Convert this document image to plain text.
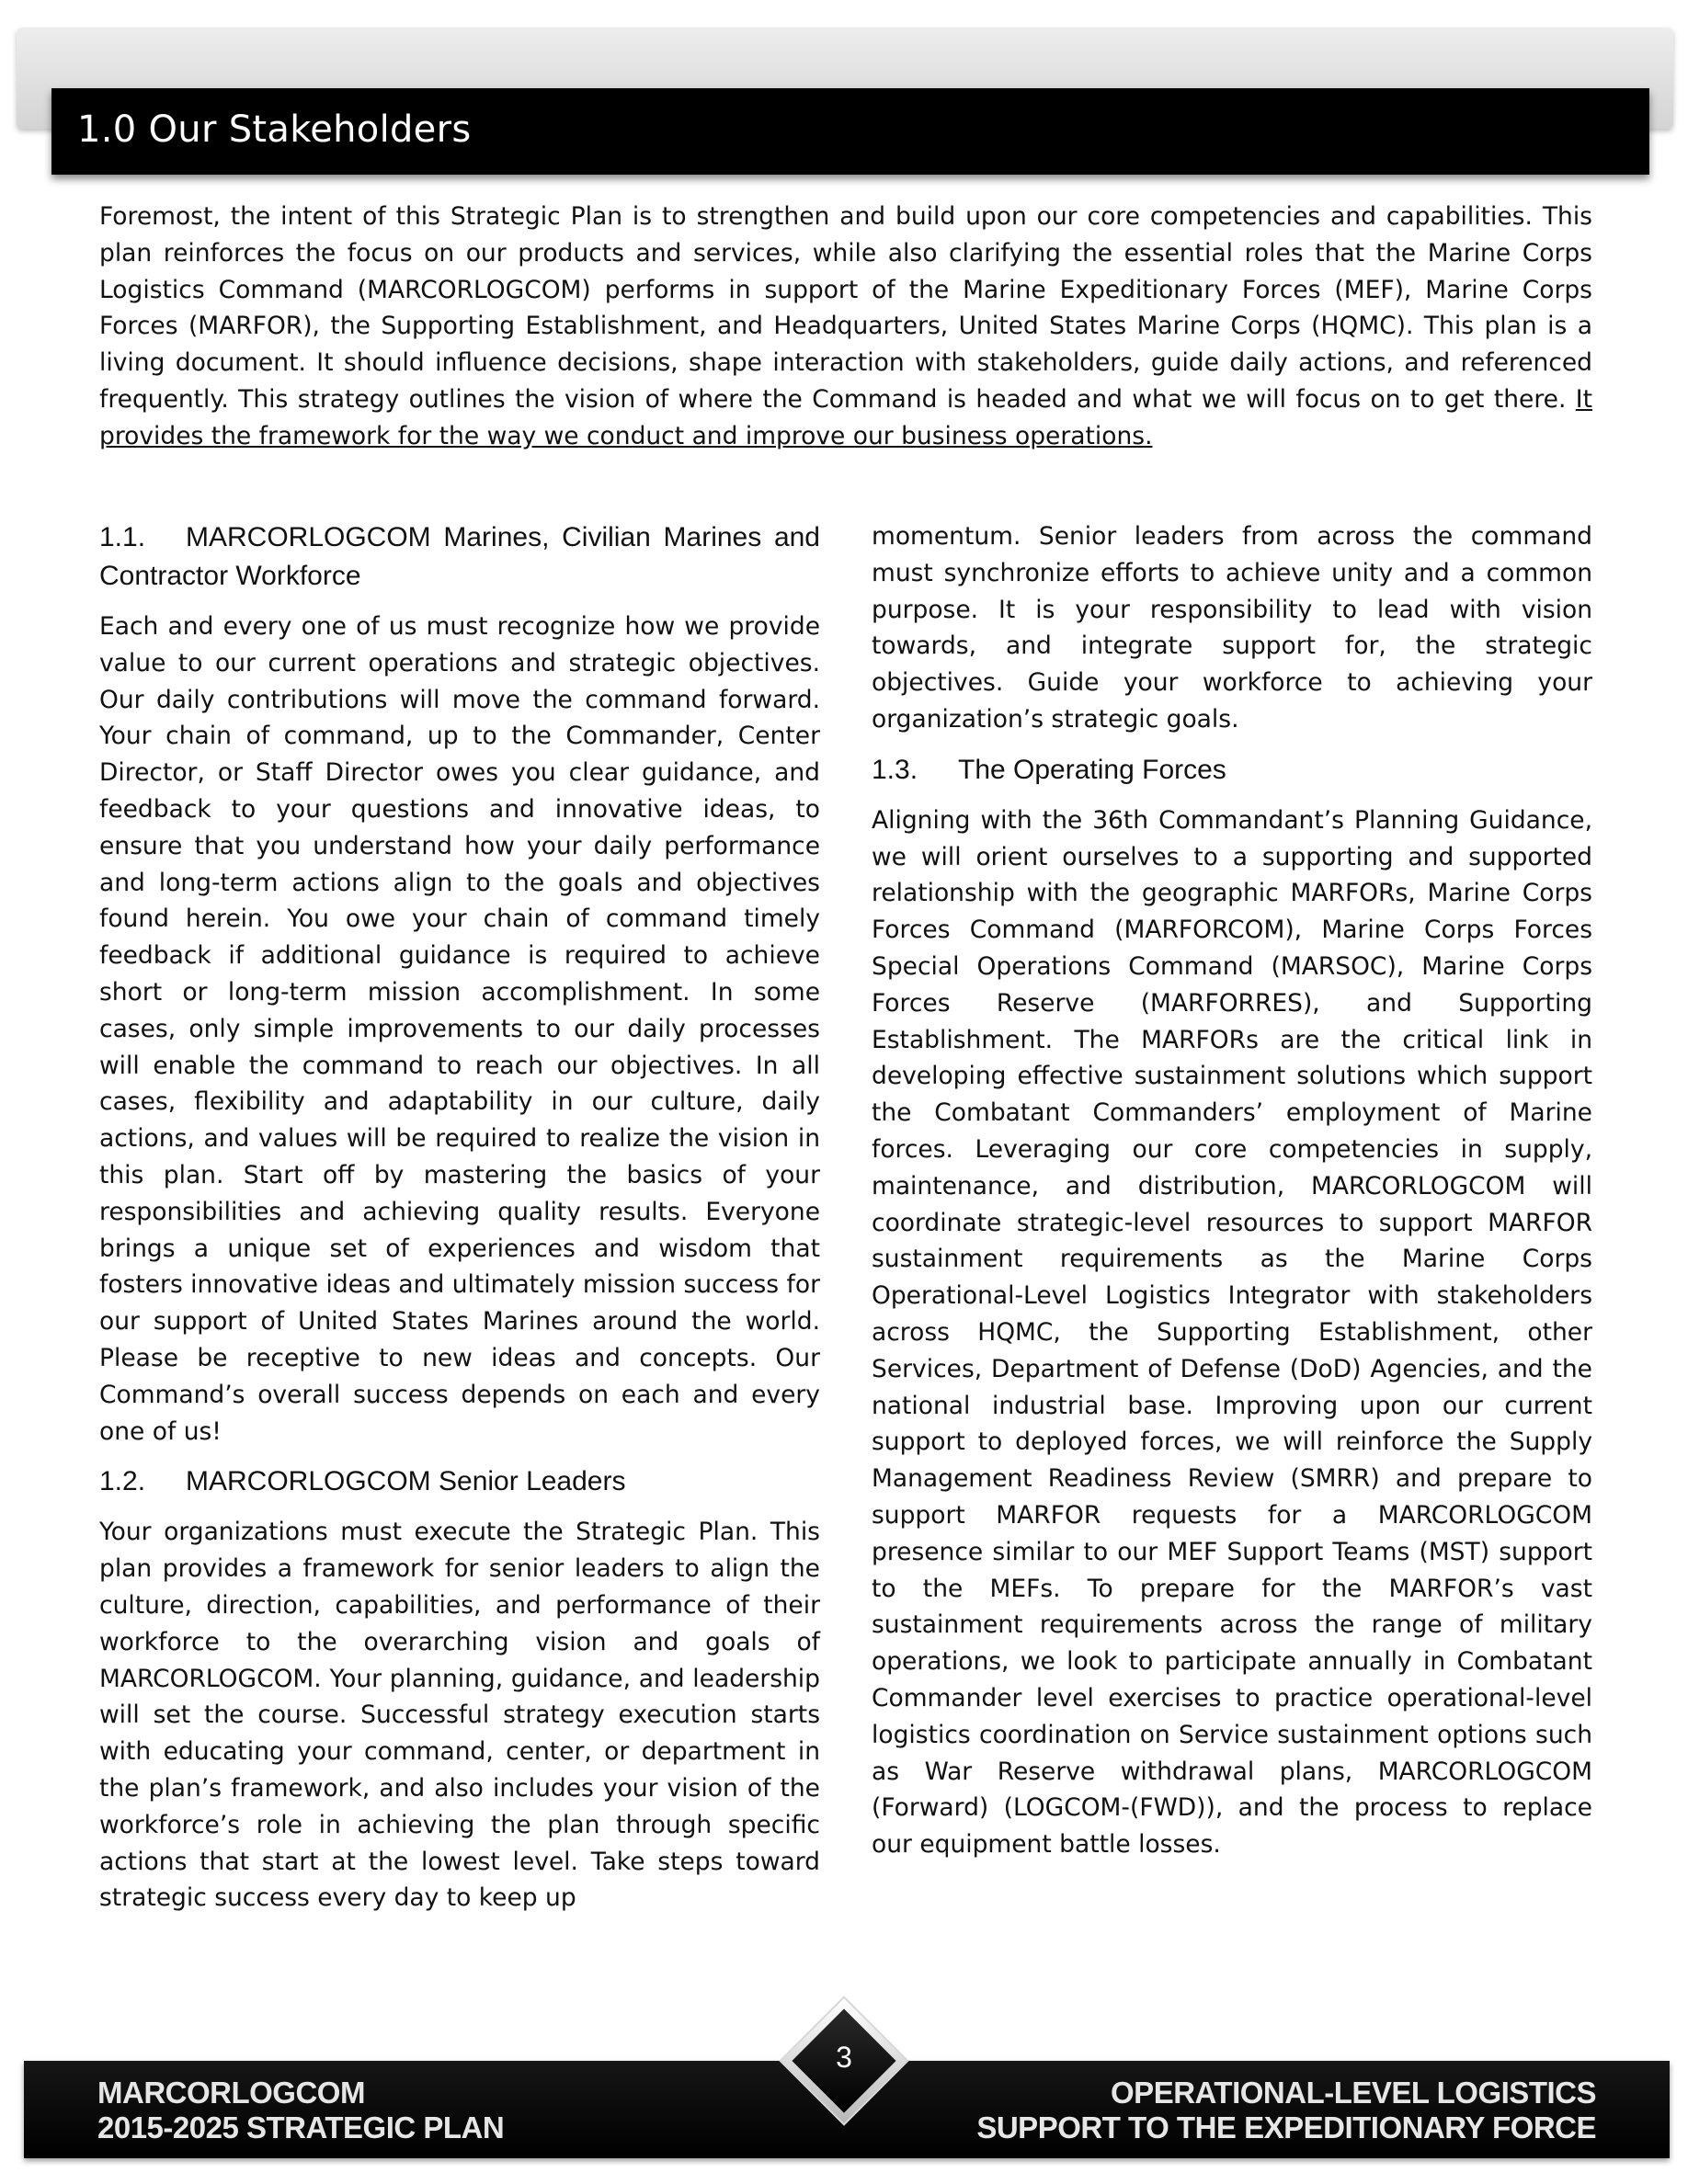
1.0 Our Stakeholders

Foremost, the intent of this Strategic Plan is to strengthen and build upon our core competencies and capabilities. This plan reinforces the focus on our products and services, while also clarifying the essential roles that the Marine Corps Logistics Command (MARCORLOGCOM) performs in support of the Marine Expeditionary Forces (MEF), Marine Corps Forces (MARFOR), the Supporting Establishment, and Headquarters, United States Marine Corps (HQMC). This plan is a living document. It should influence decisions, shape interaction with stakeholders, guide daily actions, and referenced frequently. This strategy outlines the vision of where the Command is headed and what we will focus on to get there. It provides the framework for the way we conduct and improve our business operations.

1.1. MARCORLOGCOM Marines, Civilian Marines and Contractor Workforce

Each and every one of us must recognize how we provide value to our current operations and strategic objectives. Our daily contributions will move the command forward. Your chain of command, up to the Commander, Center Director, or Staff Director owes you clear guidance, and feedback to your questions and innovative ideas, to ensure that you understand how your daily performance and long-term actions align to the goals and objectives found herein. You owe your chain of command timely feedback if additional guidance is required to achieve short or long-term mission accomplishment. In some cases, only simple improvements to our daily processes will enable the command to reach our objectives. In all cases, flexibility and adaptability in our culture, daily actions, and values will be required to realize the vision in this plan. Start off by mastering the basics of your responsibilities and achieving quality results. Everyone brings a unique set of experiences and wisdom that fosters innovative ideas and ultimately mission success for our support of United States Marines around the world. Please be receptive to new ideas and concepts. Our Command’s overall success depends on each and every one of us!

1.2. MARCORLOGCOM Senior Leaders

Your organizations must execute the Strategic Plan. This plan provides a framework for senior leaders to align the culture, direction, capabilities, and performance of their workforce to the overarching vision and goals of MARCORLOGCOM. Your planning, guidance, and leadership will set the course. Successful strategy execution starts with educating your command, center, or department in the plan’s framework, and also includes your vision of the workforce’s role in achieving the plan through specific actions that start at the lowest level. Take steps toward strategic success every day to keep up

momentum. Senior leaders from across the command must synchronize efforts to achieve unity and a common purpose. It is your responsibility to lead with vision towards, and integrate support for, the strategic objectives. Guide your workforce to achieving your organization’s strategic goals.

1.3. The Operating Forces

Aligning with the 36th Commandant’s Planning Guidance, we will orient ourselves to a supporting and supported relationship with the geographic MARFORs, Marine Corps Forces Command (MARFORCOM), Marine Corps Forces Special Operations Command (MARSOC), Marine Corps Forces Reserve (MARFORRES), and Supporting Establishment. The MARFORs are the critical link in developing effective sustainment solutions which support the Combatant Commanders’ employment of Marine forces. Leveraging our core competencies in supply, maintenance, and distribution, MARCORLOGCOM will coordinate strategic-level resources to support MARFOR sustainment requirements as the Marine Corps Operational-Level Logistics Integrator with stakeholders across HQMC, the Supporting Establishment, other Services, Department of Defense (DoD) Agencies, and the national industrial base. Improving upon our current support to deployed forces, we will reinforce the Supply Management Readiness Review (SMRR) and prepare to support MARFOR requests for a MARCORLOGCOM presence similar to our MEF Support Teams (MST) support to the MEFs. To prepare for the MARFOR’s vast sustainment requirements across the range of military operations, we look to participate annually in Combatant Commander level exercises to practice operational-level logistics coordination on Service sustainment options such as War Reserve withdrawal plans, MARCORLOGCOM (Forward) (LOGCOM-(FWD)), and the process to replace our equipment battle losses.

MARCORLOGCOM
2015-2025 STRATEGIC PLAN
OPERATIONAL-LEVEL LOGISTICS
SUPPORT TO THE EXPEDITIONARY FORCE
3
